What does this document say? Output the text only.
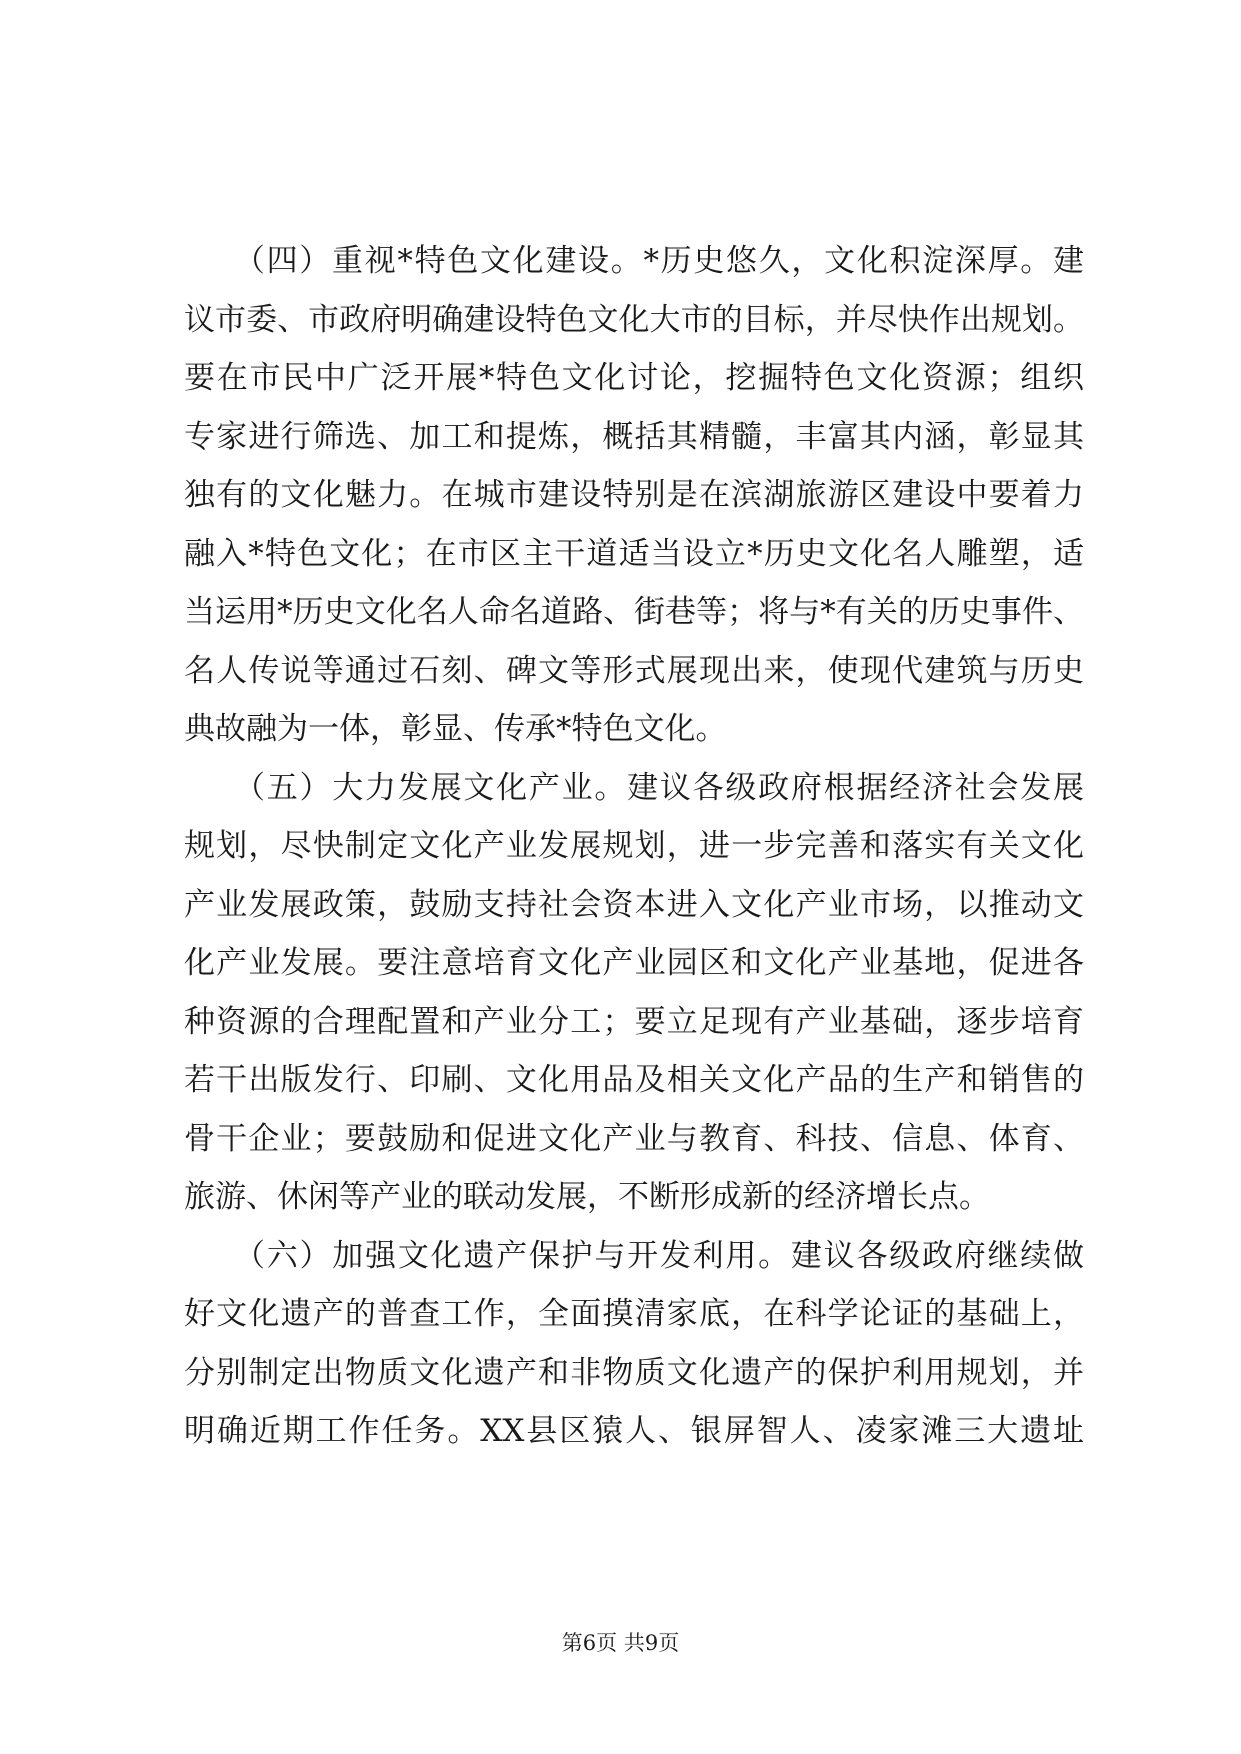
　　（四）重视*特色文化建设。*历史悠久，文化积淀深厚。建

议市委、市政府明确建设特色文化大市的目标，并尽快作出规划。

要在市民中广泛开展*特色文化讨论，挖掘特色文化资源；组织

专家进行筛选、加工和提炼，概括其精髓，丰富其内涵，彰显其

独有的文化魅力。在城市建设特别是在滨湖旅游区建设中要着力

融入*特色文化；在市区主干道适当设立*历史文化名人雕塑，适

当运用*历史文化名人命名道路、街巷等；将与*有关的历史事件、

名人传说等通过石刻、碑文等形式展现出来，使现代建筑与历史

典故融为一体，彰显、传承*特色文化。

　　（五）大力发展文化产业。建议各级政府根据经济社会发展

规划，尽快制定文化产业发展规划，进一步完善和落实有关文化

产业发展政策，鼓励支持社会资本进入文化产业市场，以推动文

化产业发展。要注意培育文化产业园区和文化产业基地，促进各

种资源的合理配置和产业分工；要立足现有产业基础，逐步培育

若干出版发行、印刷、文化用品及相关文化产品的生产和销售的

骨干企业；要鼓励和促进文化产业与教育、科技、信息、体育、

旅游、休闲等产业的联动发展，不断形成新的经济增长点。

　　（六）加强文化遗产保护与开发利用。建议各级政府继续做

好文化遗产的普查工作，全面摸清家底，在科学论证的基础上，

分别制定出物质文化遗产和非物质文化遗产的保护利用规划，并

明确近期工作任务。XX县区猿人、银屏智人、凌家滩三大遗址

第6页 共9页
